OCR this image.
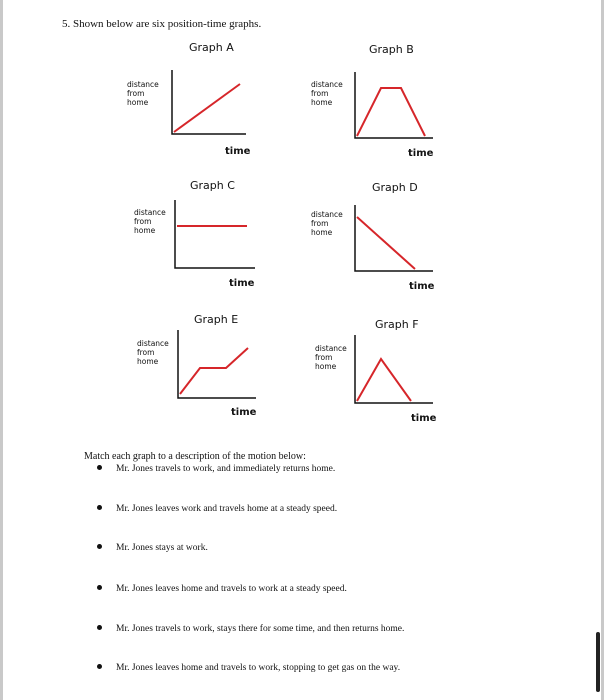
5. Shown below are six position-time graphs.
Graph A
distance
from
home
time
Graph B
distance
from
home
time
Graph C
distance
from
home
time
Graph D
distance
from
home
time
Graph E
distance
from
home
time
Graph F
distance
from
home
time
Match each graph to a description of the motion below:
Mr. Jones travels to work, and immediately returns home.
Mr. Jones leaves work and travels home at a steady speed.
Mr. Jones stays at work.
Mr. Jones leaves home and travels to work at a steady speed.
Mr. Jones travels to work, stays there for some time, and then returns home.
Mr. Jones leaves home and travels to work, stopping to get gas on the way.
